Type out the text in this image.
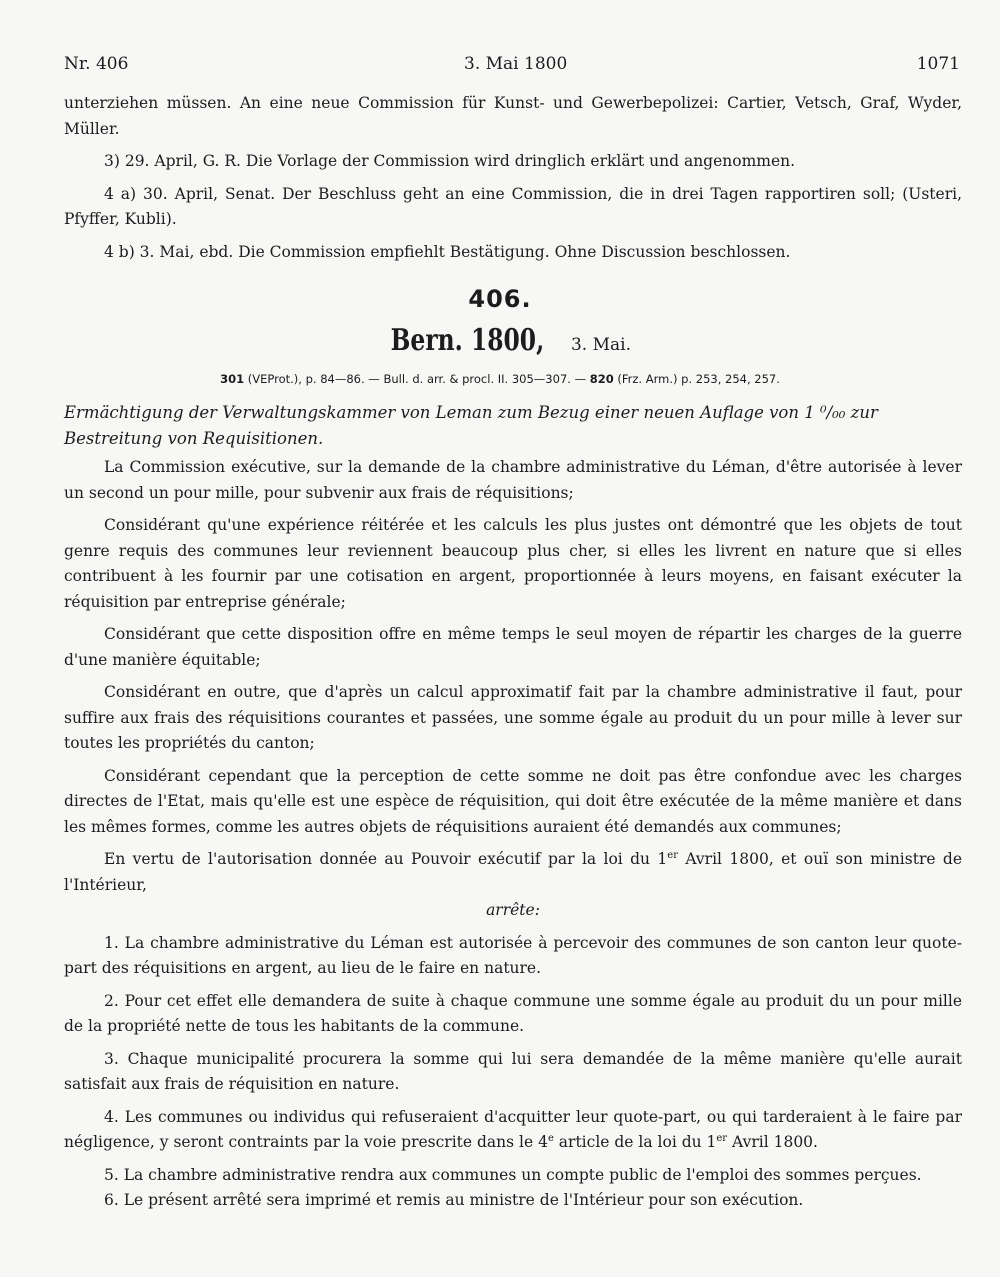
Nr. 406	3. Mai 1800	1071

unterziehen müssen. An eine neue Commission für Kunst- und Gewerbepolizei: Cartier, Vetsch, Graf, Wyder, Müller.

3) 29. April, G. R. Die Vorlage der Commission wird dringlich erklärt und angenommen.

4 a) 30. April, Senat. Der Beschluss geht an eine Commission, die in drei Tagen rapportiren soll; (Usteri, Pfyffer, Kubli).

4 b) 3. Mai, ebd. Die Commission empfiehlt Bestätigung. Ohne Discussion beschlossen.

406.
Bern. 1800, 3. Mai.
301 (VEProt.), p. 84—86. — Bull. d. arr. & procl. II. 305—307. — 820 (Frz. Arm.) p. 253, 254, 257.
Ermächtigung der Verwaltungskammer von Leman zum Bezug einer neuen Auflage von 1 ⁰/₀₀ zur Bestreitung von Requisitionen.

La Commission exécutive, sur la demande de la chambre administrative du Léman, d'être autorisée à lever un second un pour mille, pour subvenir aux frais de réquisitions;

Considérant qu'une expérience réitérée et les calculs les plus justes ont démontré que les objets de tout genre requis des communes leur reviennent beaucoup plus cher, si elles les livrent en nature que si elles contribuent à les fournir par une cotisation en argent, proportionnée à leurs moyens, en faisant exécuter la réquisition par entreprise générale;

Considérant que cette disposition offre en même temps le seul moyen de répartir les charges de la guerre d'une manière équitable;

Considérant en outre, que d'après un calcul approximatif fait par la chambre administrative il faut, pour suffire aux frais des réquisitions courantes et passées, une somme égale au produit du un pour mille à lever sur toutes les propriétés du canton;

Considérant cependant que la perception de cette somme ne doit pas être confondue avec les charges directes de l'Etat, mais qu'elle est une espèce de réquisition, qui doit être exécutée de la même manière et dans les mêmes formes, comme les autres objets de réquisitions auraient été demandés aux communes;

En vertu de l'autorisation donnée au Pouvoir exécutif par la loi du 1er Avril 1800, et ouï son ministre de l'Intérieur,

arrête:

1. La chambre administrative du Léman est autorisée à percevoir des communes de son canton leur quote-part des réquisitions en argent, au lieu de le faire en nature.

2. Pour cet effet elle demandera de suite à chaque commune une somme égale au produit du un pour mille de la propriété nette de tous les habitants de la commune.

3. Chaque municipalité procurera la somme qui lui sera demandée de la même manière qu'elle aurait satisfait aux frais de réquisition en nature.

4. Les communes ou individus qui refuseraient d'acquitter leur quote-part, ou qui tarderaient à le faire par négligence, y seront contraints par la voie prescrite dans le 4e article de la loi du 1er Avril 1800.

5. La chambre administrative rendra aux communes un compte public de l'emploi des sommes perçues.

6. Le présent arrêté sera imprimé et remis au ministre de l'Intérieur pour son exécution.
